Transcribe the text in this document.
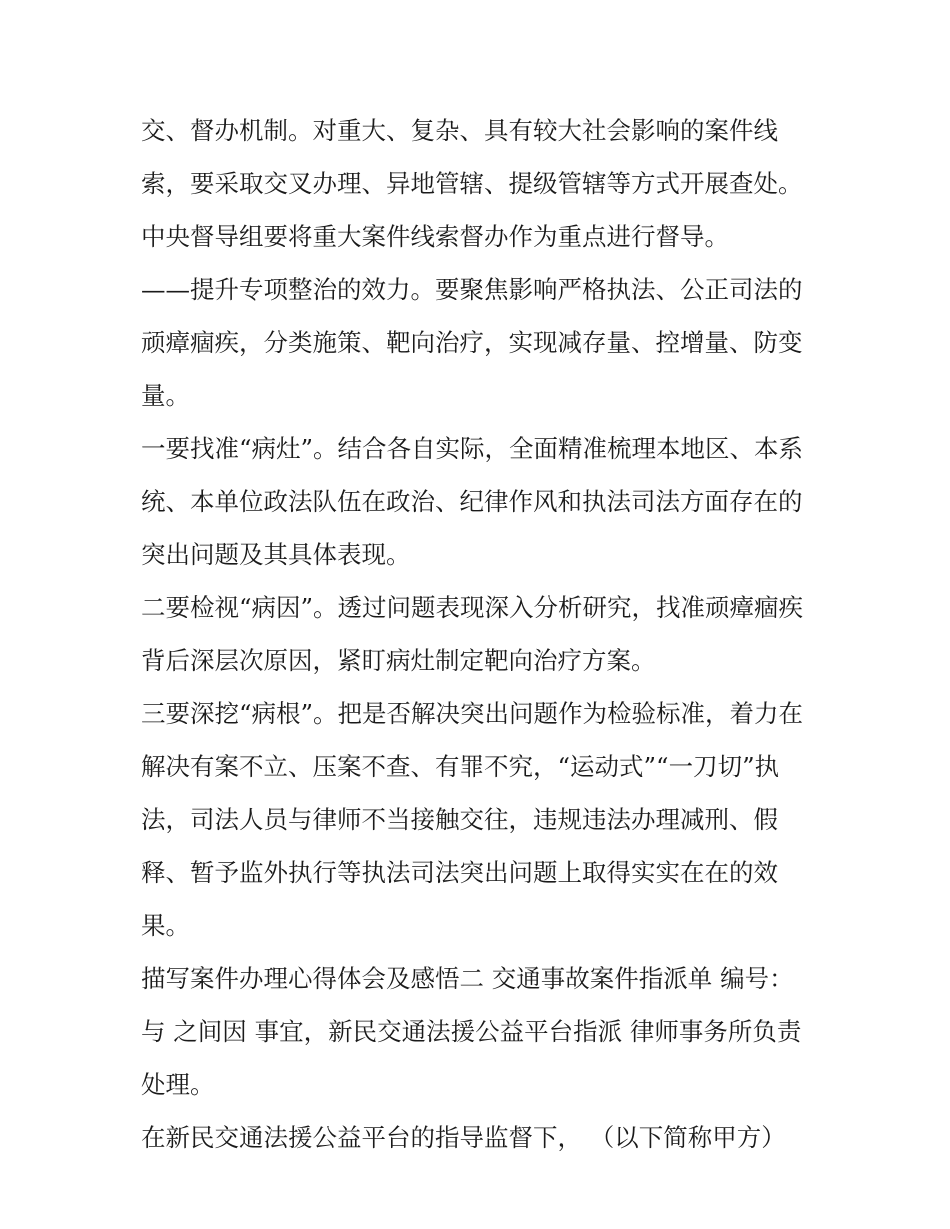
交、督办机制。对重大、复杂、具有较大社会影响的案件线
索，要采取交叉办理、异地管辖、提级管辖等方式开展查处。
中央督导组要将重大案件线索督办作为重点进行督导。
——提升专项整治的效力。要聚焦影响严格执法、公正司法的
顽瘴痼疾，分类施策、靶向治疗，实现减存量、控增量、防变
量。
一要找准“病灶”。结合各自实际，全面精准梳理本地区、本系
统、本单位政法队伍在政治、纪律作风和执法司法方面存在的
突出问题及其具体表现。
二要检视“病因”。透过问题表现深入分析研究，找准顽瘴痼疾
背后深层次原因，紧盯病灶制定靶向治疗方案。
三要深挖“病根”。把是否解决突出问题作为检验标准，着力在
解决有案不立、压案不查、有罪不究，“运动式”“一刀切”执
法，司法人员与律师不当接触交往，违规违法办理减刑、假
释、暂予监外执行等执法司法突出问题上取得实实在在的效
果。
描写案件办理心得体会及感悟二 交通事故案件指派单 编号：
与 之间因 事宜，新民交通法援公益平台指派 律师事务所负责
处理。
在新民交通法援公益平台的指导监督下， （以下简称甲方）
